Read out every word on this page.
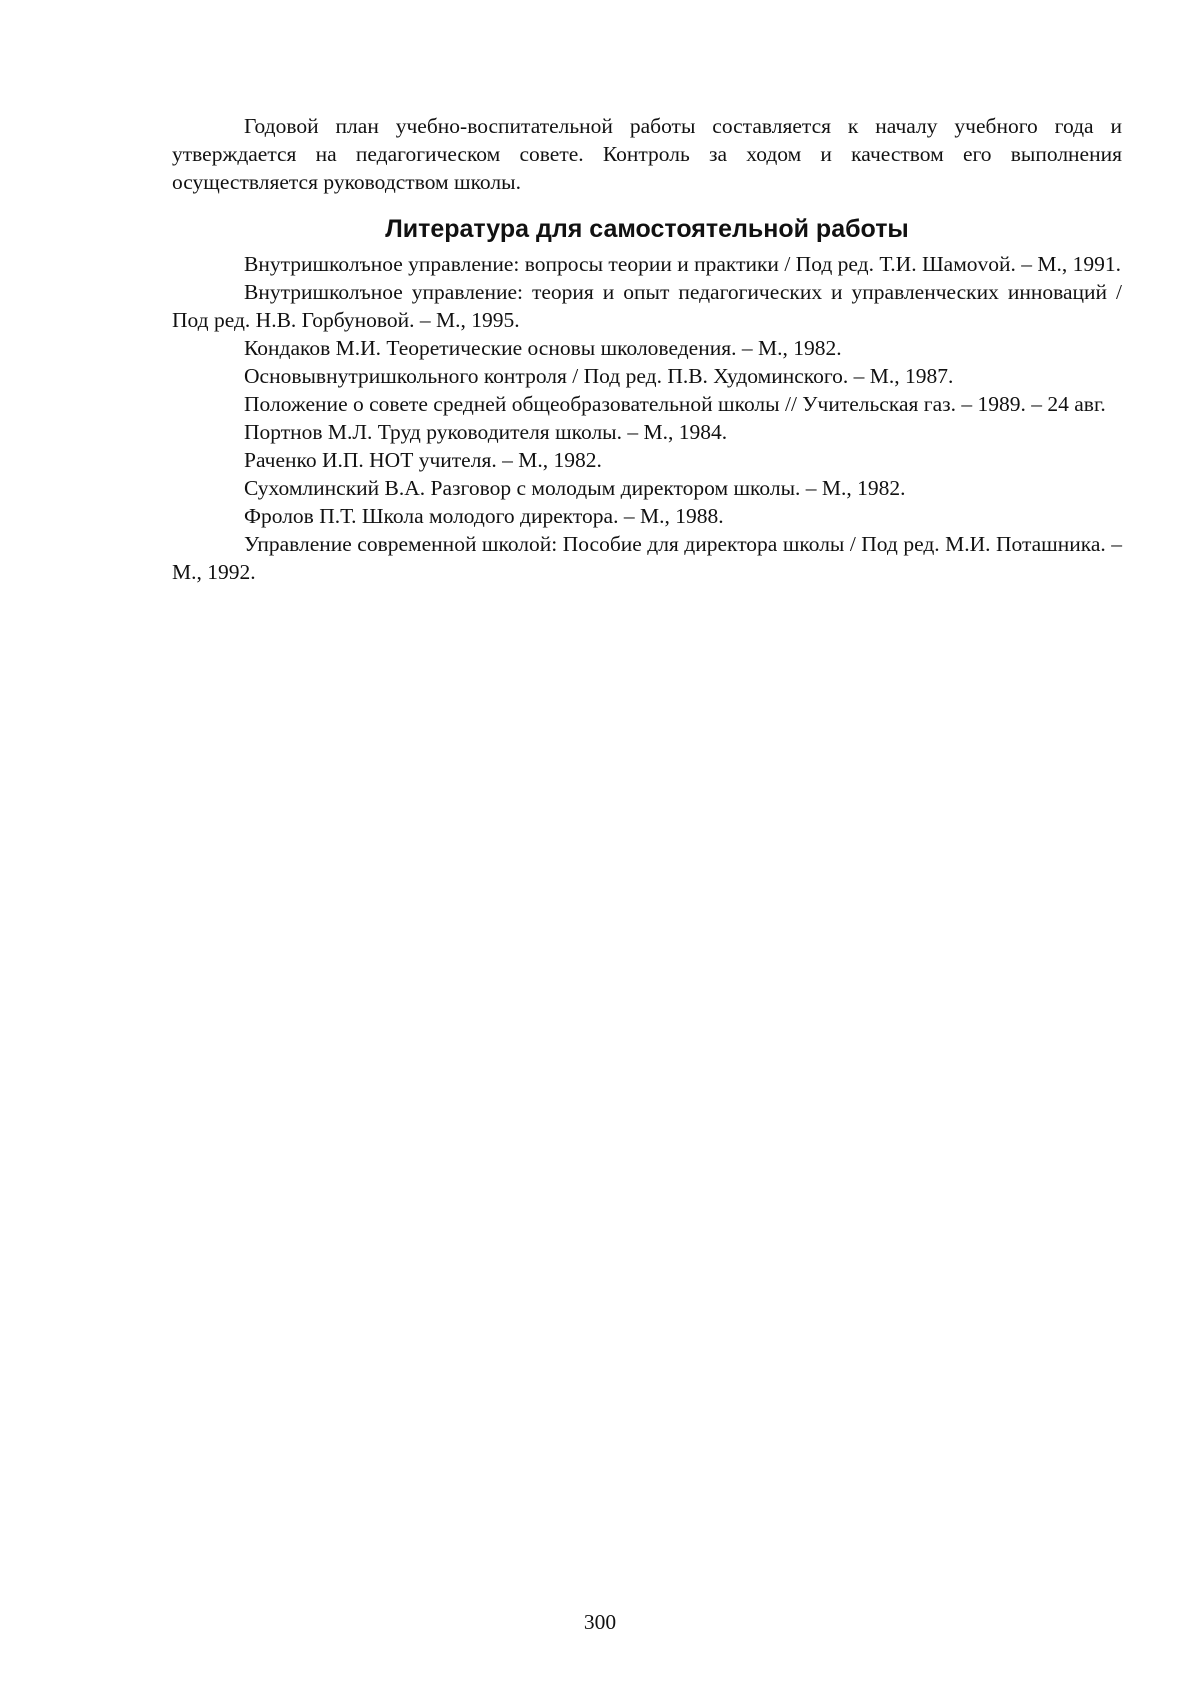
Годовой план учебно-воспитательной работы составляется к началу учебного года и утверждается на педагогическом совете. Контроль за ходом и качеством его выполнения осуществляется руководством школы.

Литература для самостоятельной работы
Внутришколъное управление: вопросы теории и практики / Под ред. Т.И. Шамоvой. – М., 1991.
Внутришколъное управление: теория и опыт педагогических и управленческих инноваций / Под ред. Н.В. Горбуновой. – М., 1995.
Кондаков М.И. Теоретические основы школоведения. – М., 1982.
Основывнутришкольного контроля / Под ред. П.В. Худоминского. – М., 1987.
Положение о совете средней общеобразовательной школы // Учительская газ. – 1989. – 24 авг.
Портнов М.Л. Труд руководителя школы. – М., 1984.
Раченко И.П. НОТ учителя. – М., 1982.
Сухомлинский В.А. Разговор с молодым директором школы. – М., 1982.
Фролов П.Т. Школа молодого директора. – М., 1988.
Управление современной школой: Пособие для директора школы / Под ред. М.И. Поташника. – М., 1992.
300
